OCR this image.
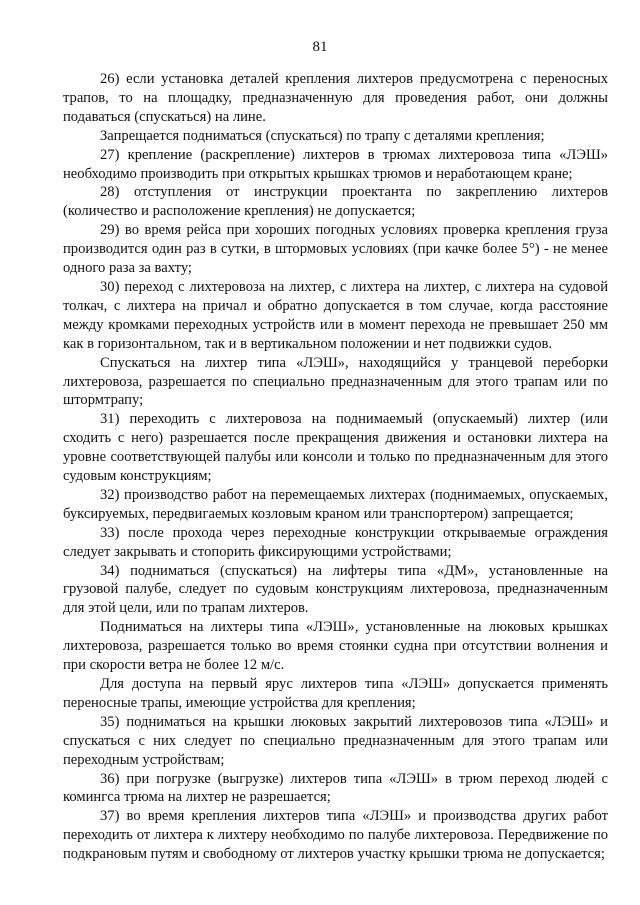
81

26) если установка деталей крепления лихтеров предусмотрена с переносных трапов, то на площадку, предназначенную для проведения работ, они должны подаваться (спускаться) на лине.

Запрещается подниматься (спускаться) по трапу с деталями крепления;

27) крепление (раскрепление) лихтеров в трюмах лихтеровоза типа «ЛЭШ» необходимо производить при открытых крышках трюмов и неработающем кране;

28) отступления от инструкции проектанта по закреплению лихтеров (количество и расположение крепления) не допускается;

29) во время рейса при хороших погодных условиях проверка крепления груза производится один раз в сутки, в штормовых условиях (при качке более 5°) - не менее одного раза за вахту;

30) переход с лихтеровоза на лихтер, с лихтера на лихтер, с лихтера на судовой толкач, с лихтера на причал и обратно допускается в том случае, когда расстояние между кромками переходных устройств или в момент перехода не превышает 250 мм как в горизонтальном, так и в вертикальном положении и нет подвижки судов.

Спускаться на лихтер типа «ЛЭШ», находящийся у транцевой переборки лихтеровоза, разрешается по специально предназначенным для этого трапам или по штормтрапу;

31) переходить с лихтеровоза на поднимаемый (опускаемый) лихтер (или сходить с него) разрешается после прекращения движения и остановки лихтера на уровне соответствующей палубы или консоли и только по предназначенным для этого судовым конструкциям;

32) производство работ на перемещаемых лихтерах (поднимаемых, опускаемых, буксируемых, передвигаемых козловым краном или транспортером) запрещается;

33) после прохода через переходные конструкции открываемые ограждения следует закрывать и стопорить фиксирующими устройствами;

34) подниматься (спускаться) на лифтеры типа «ДМ», установленные на грузовой палубе, следует по судовым конструкциям лихтеровоза, предназначенным для этой цели, или по трапам лихтеров.

Подниматься на лихтеры типа «ЛЭШ», установленные на люковых крышках лихтеровоза, разрешается только во время стоянки судна при отсутствии волнения и при скорости ветра не более 12 м/с.

Для доступа на первый ярус лихтеров типа «ЛЭШ» допускается применять переносные трапы, имеющие устройства для крепления;

35) подниматься на крышки люковых закрытий лихтеровозов типа «ЛЭШ» и спускаться с них следует по специально предназначенным для этого трапам или переходным устройствам;

36) при погрузке (выгрузке) лихтеров типа «ЛЭШ» в трюм переход людей с комингса трюма на лихтер не разрешается;

37) во время крепления лихтеров типа «ЛЭШ» и производства других работ переходить от лихтера к лихтеру необходимо по палубе лихтеровоза. Передвижение по подкрановым путям и свободному от лихтеров участку крышки трюма не допускается;
